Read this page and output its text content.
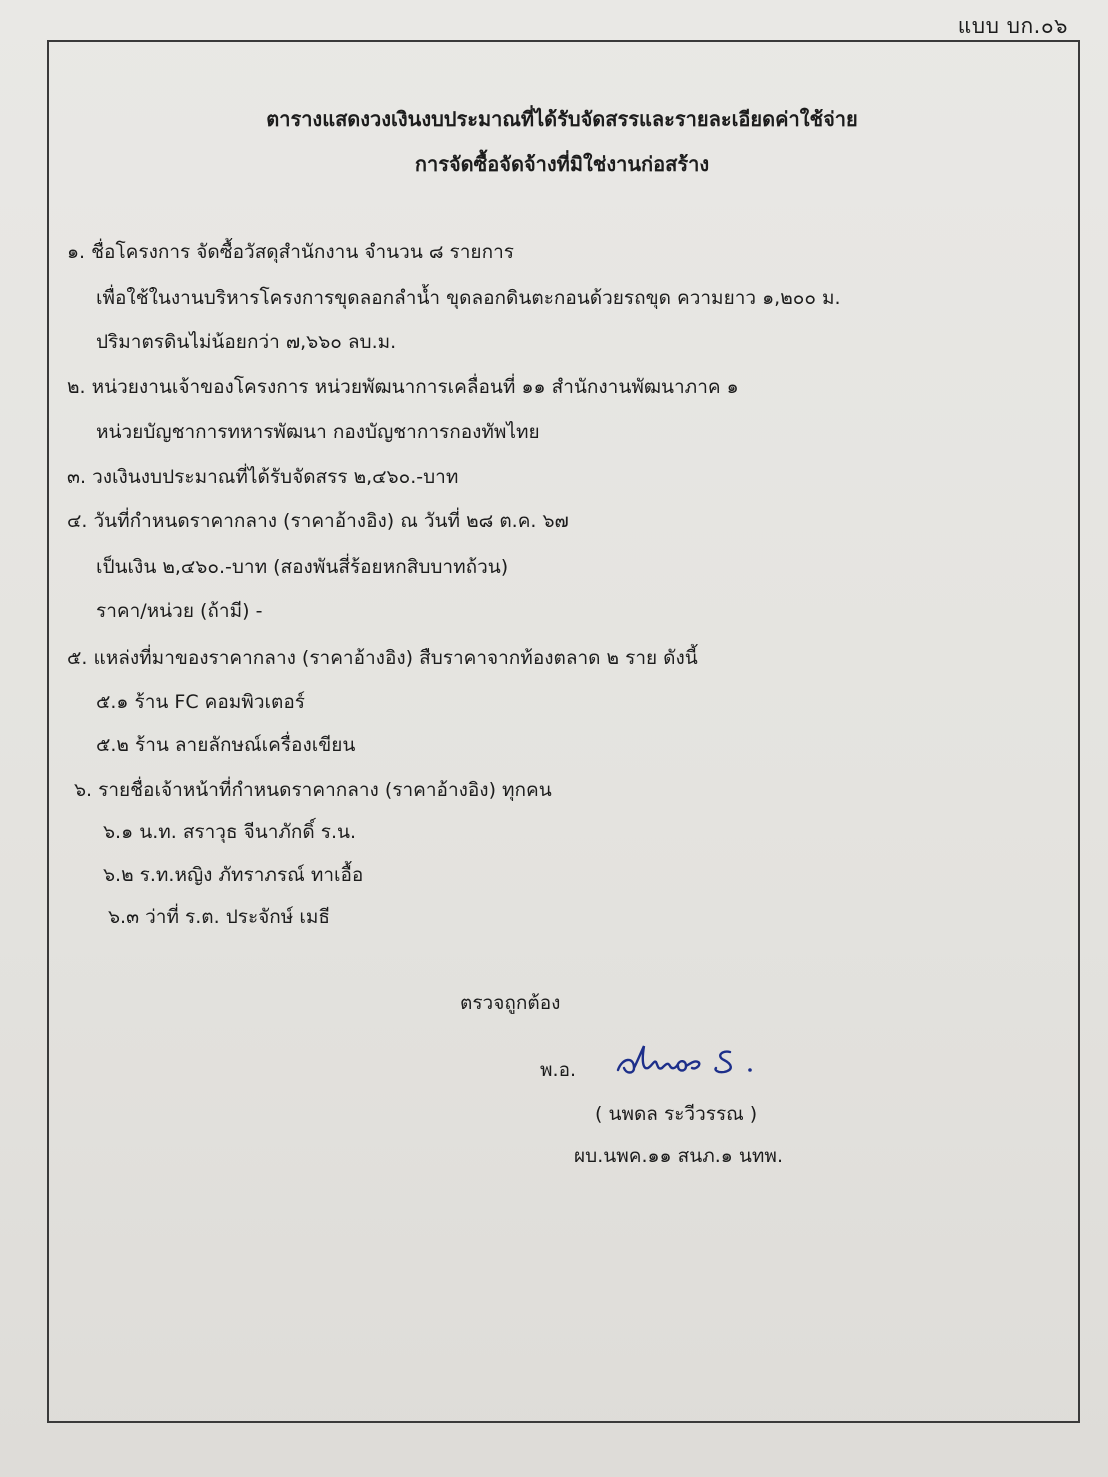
แบบ บก.๐๖
ตารางแสดงวงเงินงบประมาณที่ได้รับจัดสรรและรายละเอียดค่าใช้จ่าย
การจัดซื้อจัดจ้างที่มิใช่งานก่อสร้าง
๑. ชื่อโครงการ จัดซื้อวัสดุสำนักงาน จำนวน ๘ รายการ
เพื่อใช้ในงานบริหารโครงการขุดลอกลำน้ำ ขุดลอกดินตะกอนด้วยรถขุด ความยาว ๑,๒๐๐ ม.
ปริมาตรดินไม่น้อยกว่า ๗,๖๖๐ ลบ.ม.
๒. หน่วยงานเจ้าของโครงการ หน่วยพัฒนาการเคลื่อนที่ ๑๑ สำนักงานพัฒนาภาค ๑
หน่วยบัญชาการทหารพัฒนา กองบัญชาการกองทัพไทย
๓. วงเงินงบประมาณที่ได้รับจัดสรร ๒,๔๖๐.-บาท
๔. วันที่กำหนดราคากลาง (ราคาอ้างอิง) ณ วันที่ ๒๘ ต.ค. ๖๗
เป็นเงิน ๒,๔๖๐.-บาท (สองพันสี่ร้อยหกสิบบาทถ้วน)
ราคา/หน่วย (ถ้ามี) -
๕. แหล่งที่มาของราคากลาง (ราคาอ้างอิง) สืบราคาจากท้องตลาด ๒ ราย ดังนี้
๕.๑ ร้าน FC คอมพิวเตอร์
๕.๒ ร้าน ลายลักษณ์เครื่องเขียน
๖. รายชื่อเจ้าหน้าที่กำหนดราคากลาง (ราคาอ้างอิง) ทุกคน
๖.๑ น.ท. สราวุธ จีนาภักดิ์ ร.น.
๖.๒ ร.ท.หญิง ภัทราภรณ์ ทาเอื้อ
๖.๓ ว่าที่ ร.ต. ประจักษ์ เมธี
ตรวจถูกต้อง
พ.อ.
( นพดล ระวีวรรณ )
ผบ.นพค.๑๑ สนภ.๑ นทพ.
